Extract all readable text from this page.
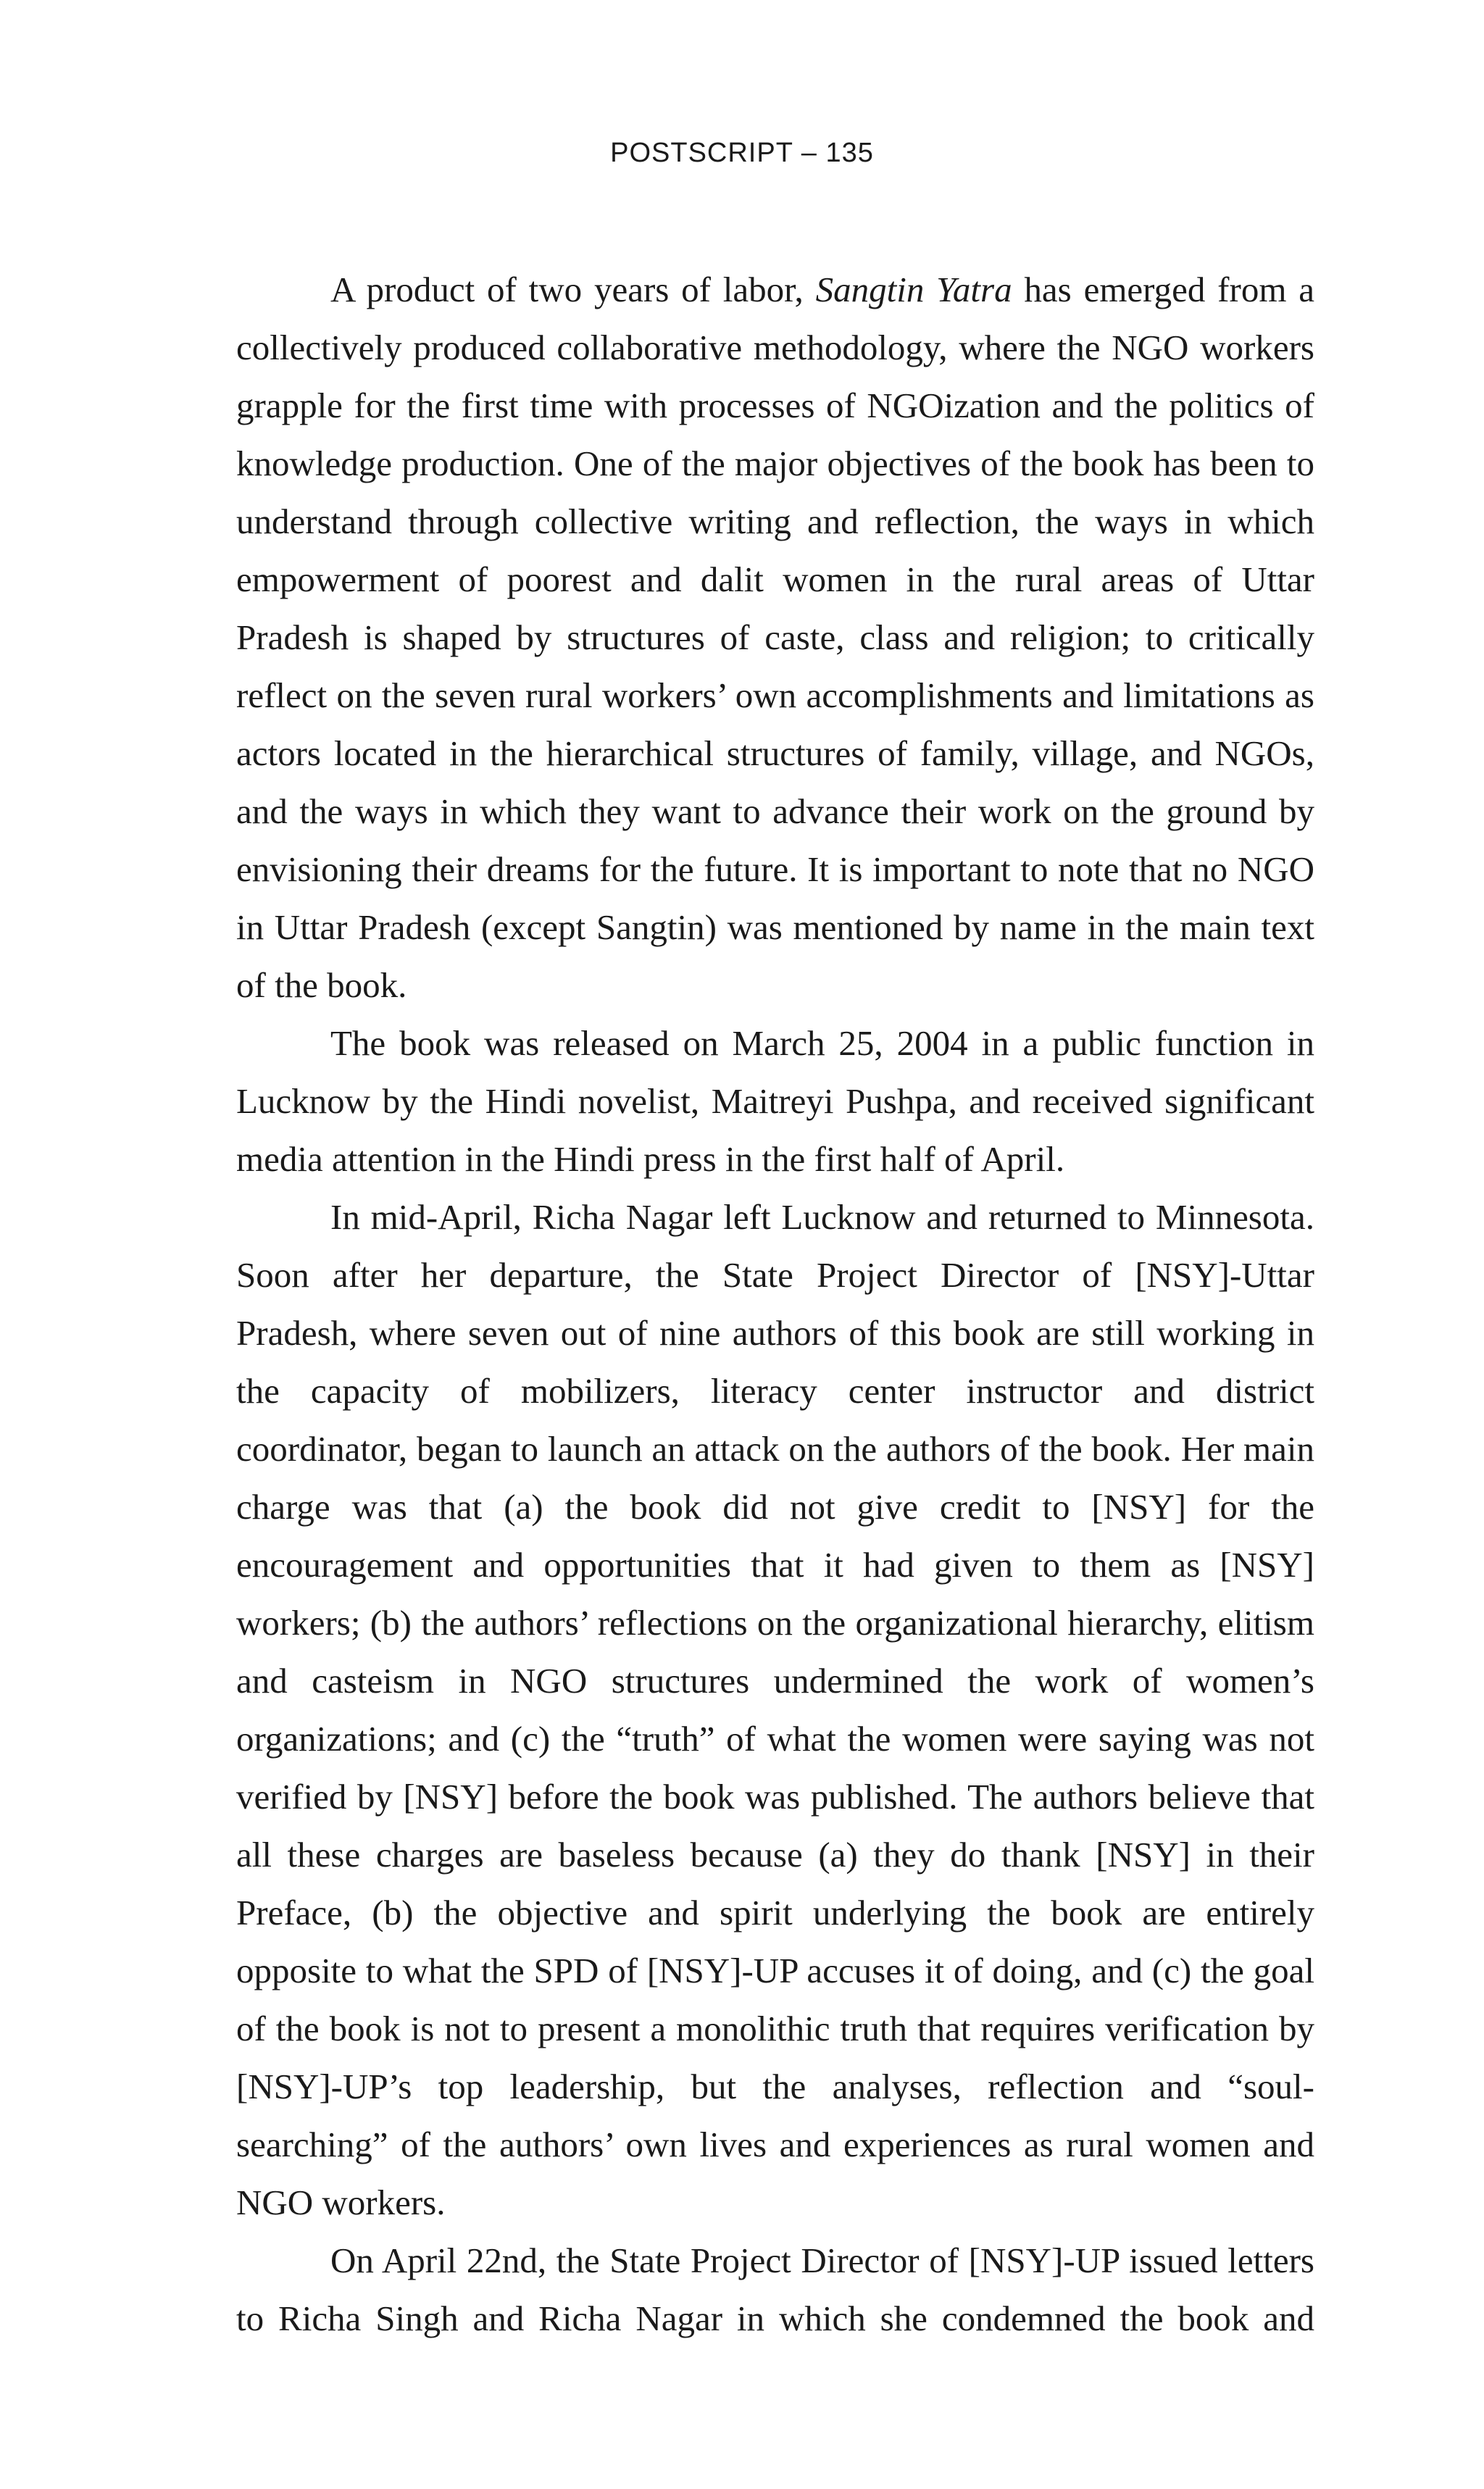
POSTSCRIPT – 135

A product of two years of labor, Sangtin Yatra has emerged from a collectively produced collaborative methodology, where the NGO workers grapple for the first time with processes of NGOization and the politics of knowledge production. One of the major objectives of the book has been to understand through collective writing and reflection, the ways in which empowerment of poorest and dalit women in the rural areas of Uttar Pradesh is shaped by structures of caste, class and religion; to critically reflect on the seven rural workers’ own accomplishments and limitations as actors located in the hierarchical structures of family, village, and NGOs, and the ways in which they want to advance their work on the ground by envisioning their dreams for the future. It is important to note that no NGO in Uttar Pradesh (except Sangtin) was mentioned by name in the main text of the book.

The book was released on March 25, 2004 in a public function in Lucknow by the Hindi novelist, Maitreyi Pushpa, and received significant media attention in the Hindi press in the first half of April.

In mid-April, Richa Nagar left Lucknow and returned to Minnesota. Soon after her departure, the State Project Director of [NSY]-Uttar Pradesh, where seven out of nine authors of this book are still working in the capacity of mobilizers, literacy center instructor and district coordinator, began to launch an attack on the authors of the book. Her main charge was that (a) the book did not give credit to [NSY] for the encouragement and opportunities that it had given to them as [NSY] workers; (b) the authors’ reflections on the organizational hierarchy, elitism and casteism in NGO structures undermined the work of women’s organizations; and (c) the “truth” of what the women were saying was not verified by [NSY] before the book was published. The authors believe that all these charges are baseless because (a) they do thank [NSY] in their Preface, (b) the objective and spirit underlying the book are entirely opposite to what the SPD of [NSY]-UP accuses it of doing, and (c) the goal of the book is not to present a monolithic truth that requires verification by [NSY]-UP’s top leadership, but the analyses, reflection and “soul-searching” of the authors’ own lives and experiences as rural women and NGO workers.

On April 22nd, the State Project Director of [NSY]-UP issued letters to Richa Singh and Richa Nagar in which she condemned the book and
